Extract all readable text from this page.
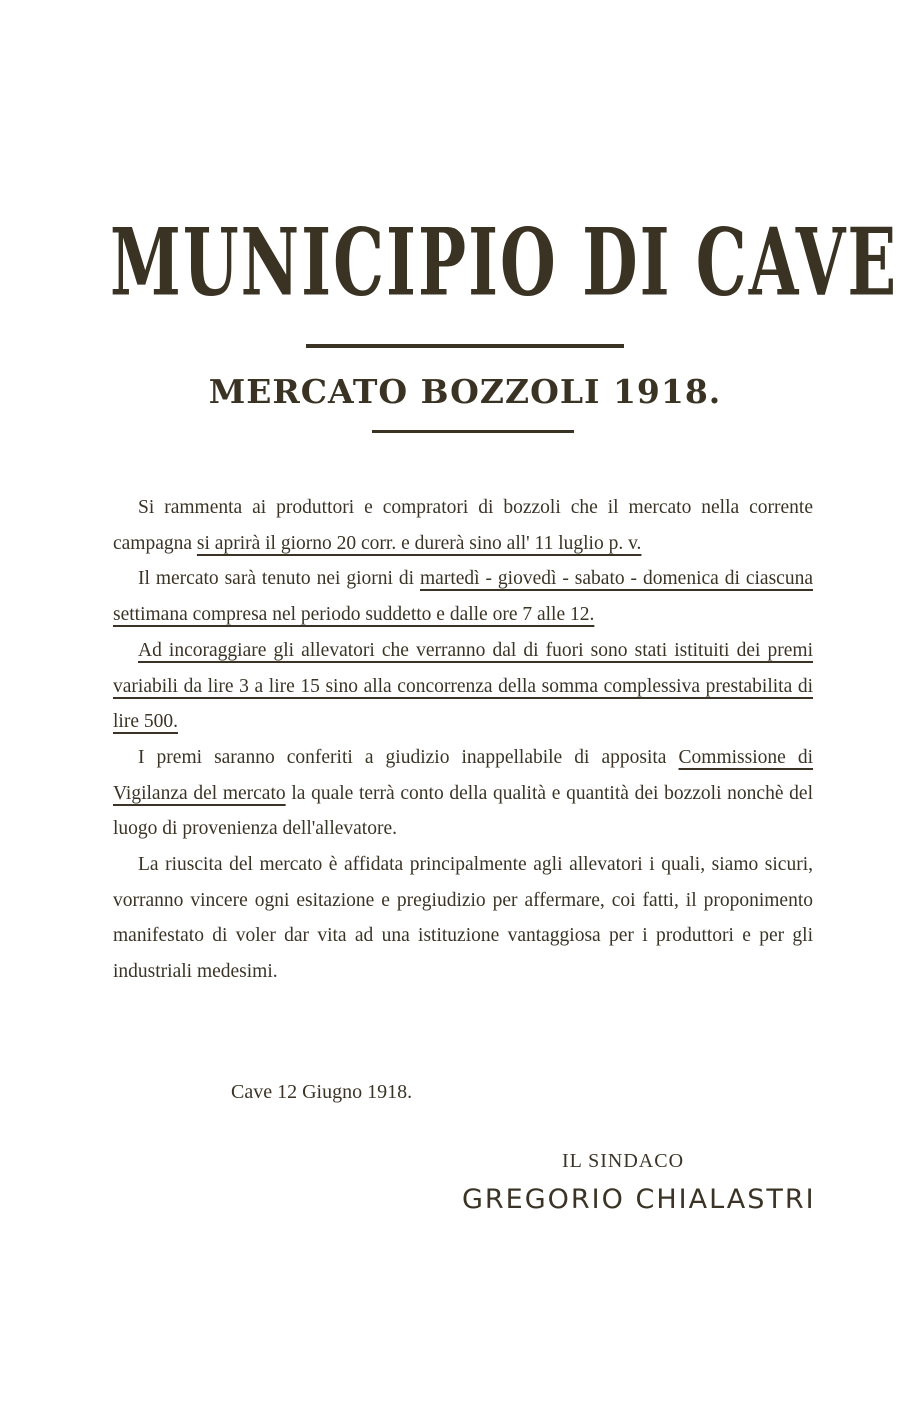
MUNICIPIO DI CAVE
MERCATO BOZZOLI 1918.

Si rammenta ai produttori e compratori di bozzoli che il mercato nella corrente campagna si aprirà il giorno 20 corr. e durerà sino all' 11 luglio p. v.

Il mercato sarà tenuto nei giorni di martedì - giovedì - sabato - domenica di ciascuna settimana compresa nel periodo suddetto e dalle ore 7 alle 12.

Ad incoraggiare gli allevatori che verranno dal di fuori sono stati istituiti dei premi variabili da lire 3 a lire 15 sino alla concorrenza della somma complessiva prestabilita di lire 500.

I premi saranno conferiti a giudizio inappellabile di apposita Commissione di Vigilanza del mercato la quale terrà conto della qualità e quantità dei bozzoli nonchè del luogo di provenienza dell'allevatore.

La riuscita del mercato è affidata principalmente agli allevatori i quali, siamo sicuri, vorranno vincere ogni esitazione e pregiudizio per affermare, coi fatti, il proponimento manifestato di voler dar vita ad una istituzione vantaggiosa per i produttori e per gli industriali medesimi.

Cave 12 Giugno 1918.
IL SINDACO
GREGORIO CHIALASTRI
